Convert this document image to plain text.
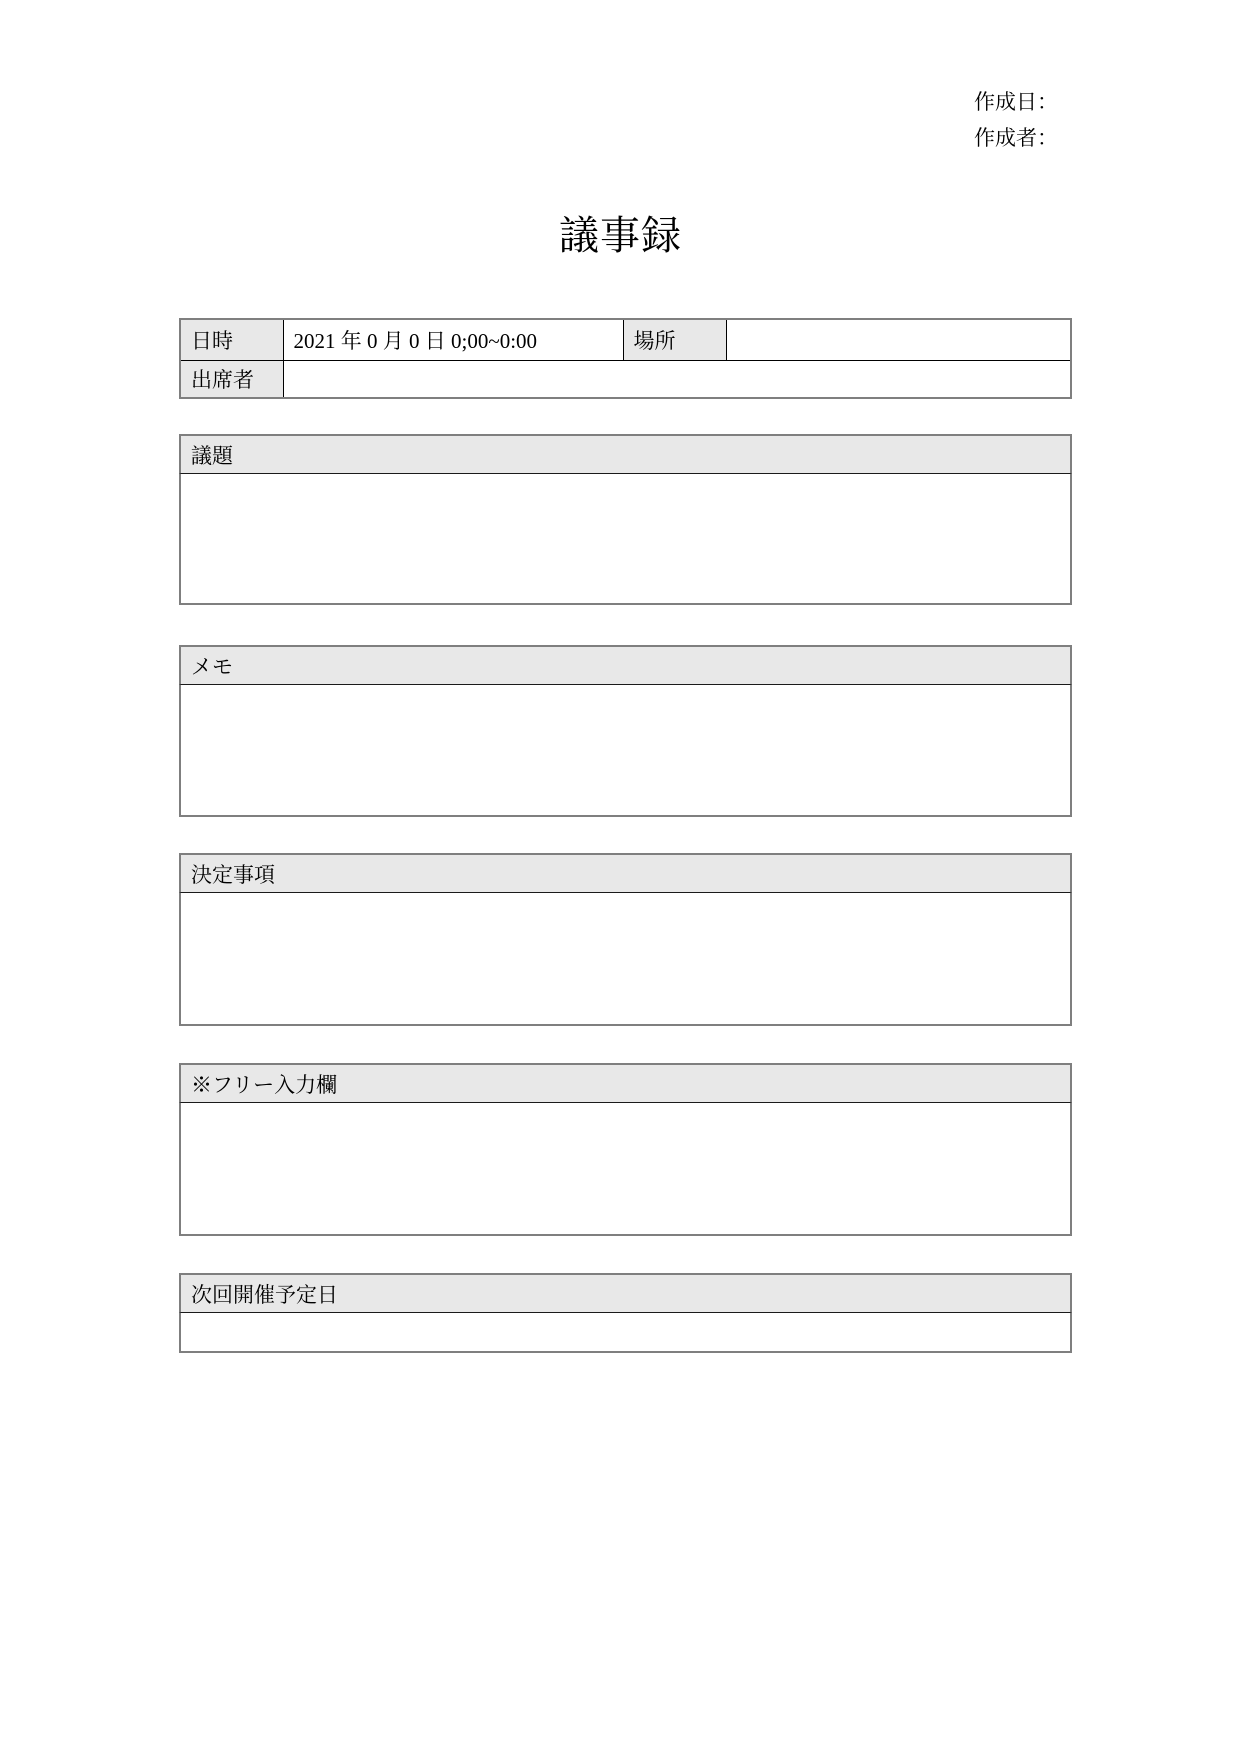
作成日：
作成者：
議事録
日時	2021 年 0 月 0 日 0;00~0:00	場所	
出席者			
議題
メモ
決定事項
※フリー入力欄
次回開催予定日
